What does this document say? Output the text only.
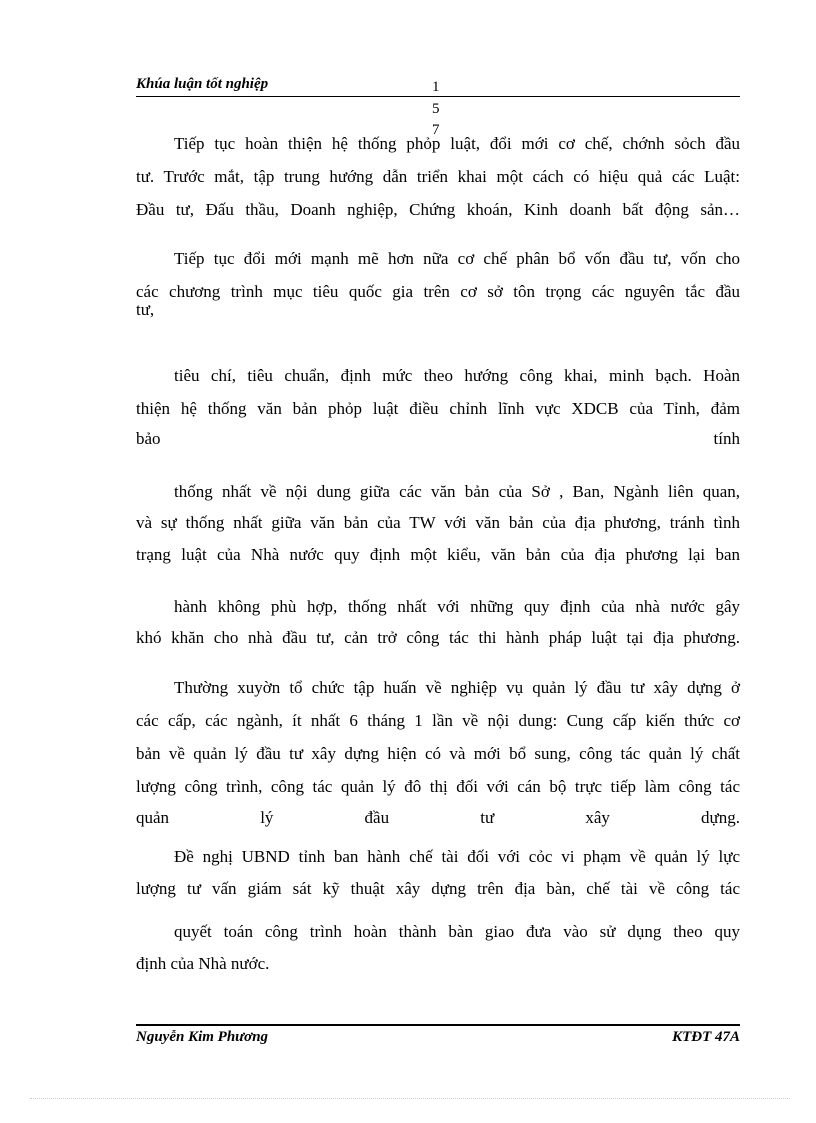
Khúa luận tốt nghiệp	1
5
7
Tiếp tục hoàn thiện hệ thống phỏp luật, đổi mới cơ chế, chớnh sỏch đầu
tư. Trước mắt, tập trung hướng dẫn triển khai một cách có hiệu quả các Luật:
Đầu tư, Đấu thầu, Doanh nghiệp, Chứng khoán, Kinh doanh bất động sản…
Tiếp tục đổi mới mạnh mẽ hơn nữa cơ chế phân bổ vốn đầu tư, vốn cho
các chương trình mục tiêu quốc gia trên cơ sở tôn trọng các nguyên tắc đầu
tư,
tiêu chí, tiêu chuẩn, định mức theo hướng công khai, minh bạch. Hoàn
thiện hệ thống văn bản phỏp luật điều chỉnh lĩnh vực XDCB của Tỉnh, đảm
bảo	tính
thống nhất về nội dung giữa các văn bản của Sở , Ban, Ngành liên quan,
và sự thống nhất giữa văn bản của TW với văn bản của địa phương, tránh tình
trạng luật của Nhà nước quy định một kiểu, văn bản của địa phương lại ban
hành không phù hợp, thống nhất với những quy định của nhà nước gây
khó khăn cho nhà đầu tư, cản trở công tác thi hành pháp luật tại địa phương.
Thường xuyờn tổ chức tập huấn về nghiệp vụ quản lý đầu tư xây dựng ở
các cấp, các ngành, ít nhất 6 tháng 1 lần về nội dung: Cung cấp kiến thức cơ
bản về quản lý đầu tư xây dựng hiện có và mới bổ sung, công tác quản lý chất
lượng công trình, công tác quản lý đô thị đối với cán bộ trực tiếp làm công tác
quản lý đầu tư xây dựng.
Đề nghị UBND tỉnh ban hành chế tài đối với cỏc vi phạm về quản lý lực
lượng tư vấn giám sát kỹ thuật xây dựng trên địa bàn, chế tài về công tác
quyết toán công trình hoàn thành bàn giao đưa vào sử dụng theo quy
định của Nhà nước.
Nguyễn Kim Phương	KTĐT 47A
